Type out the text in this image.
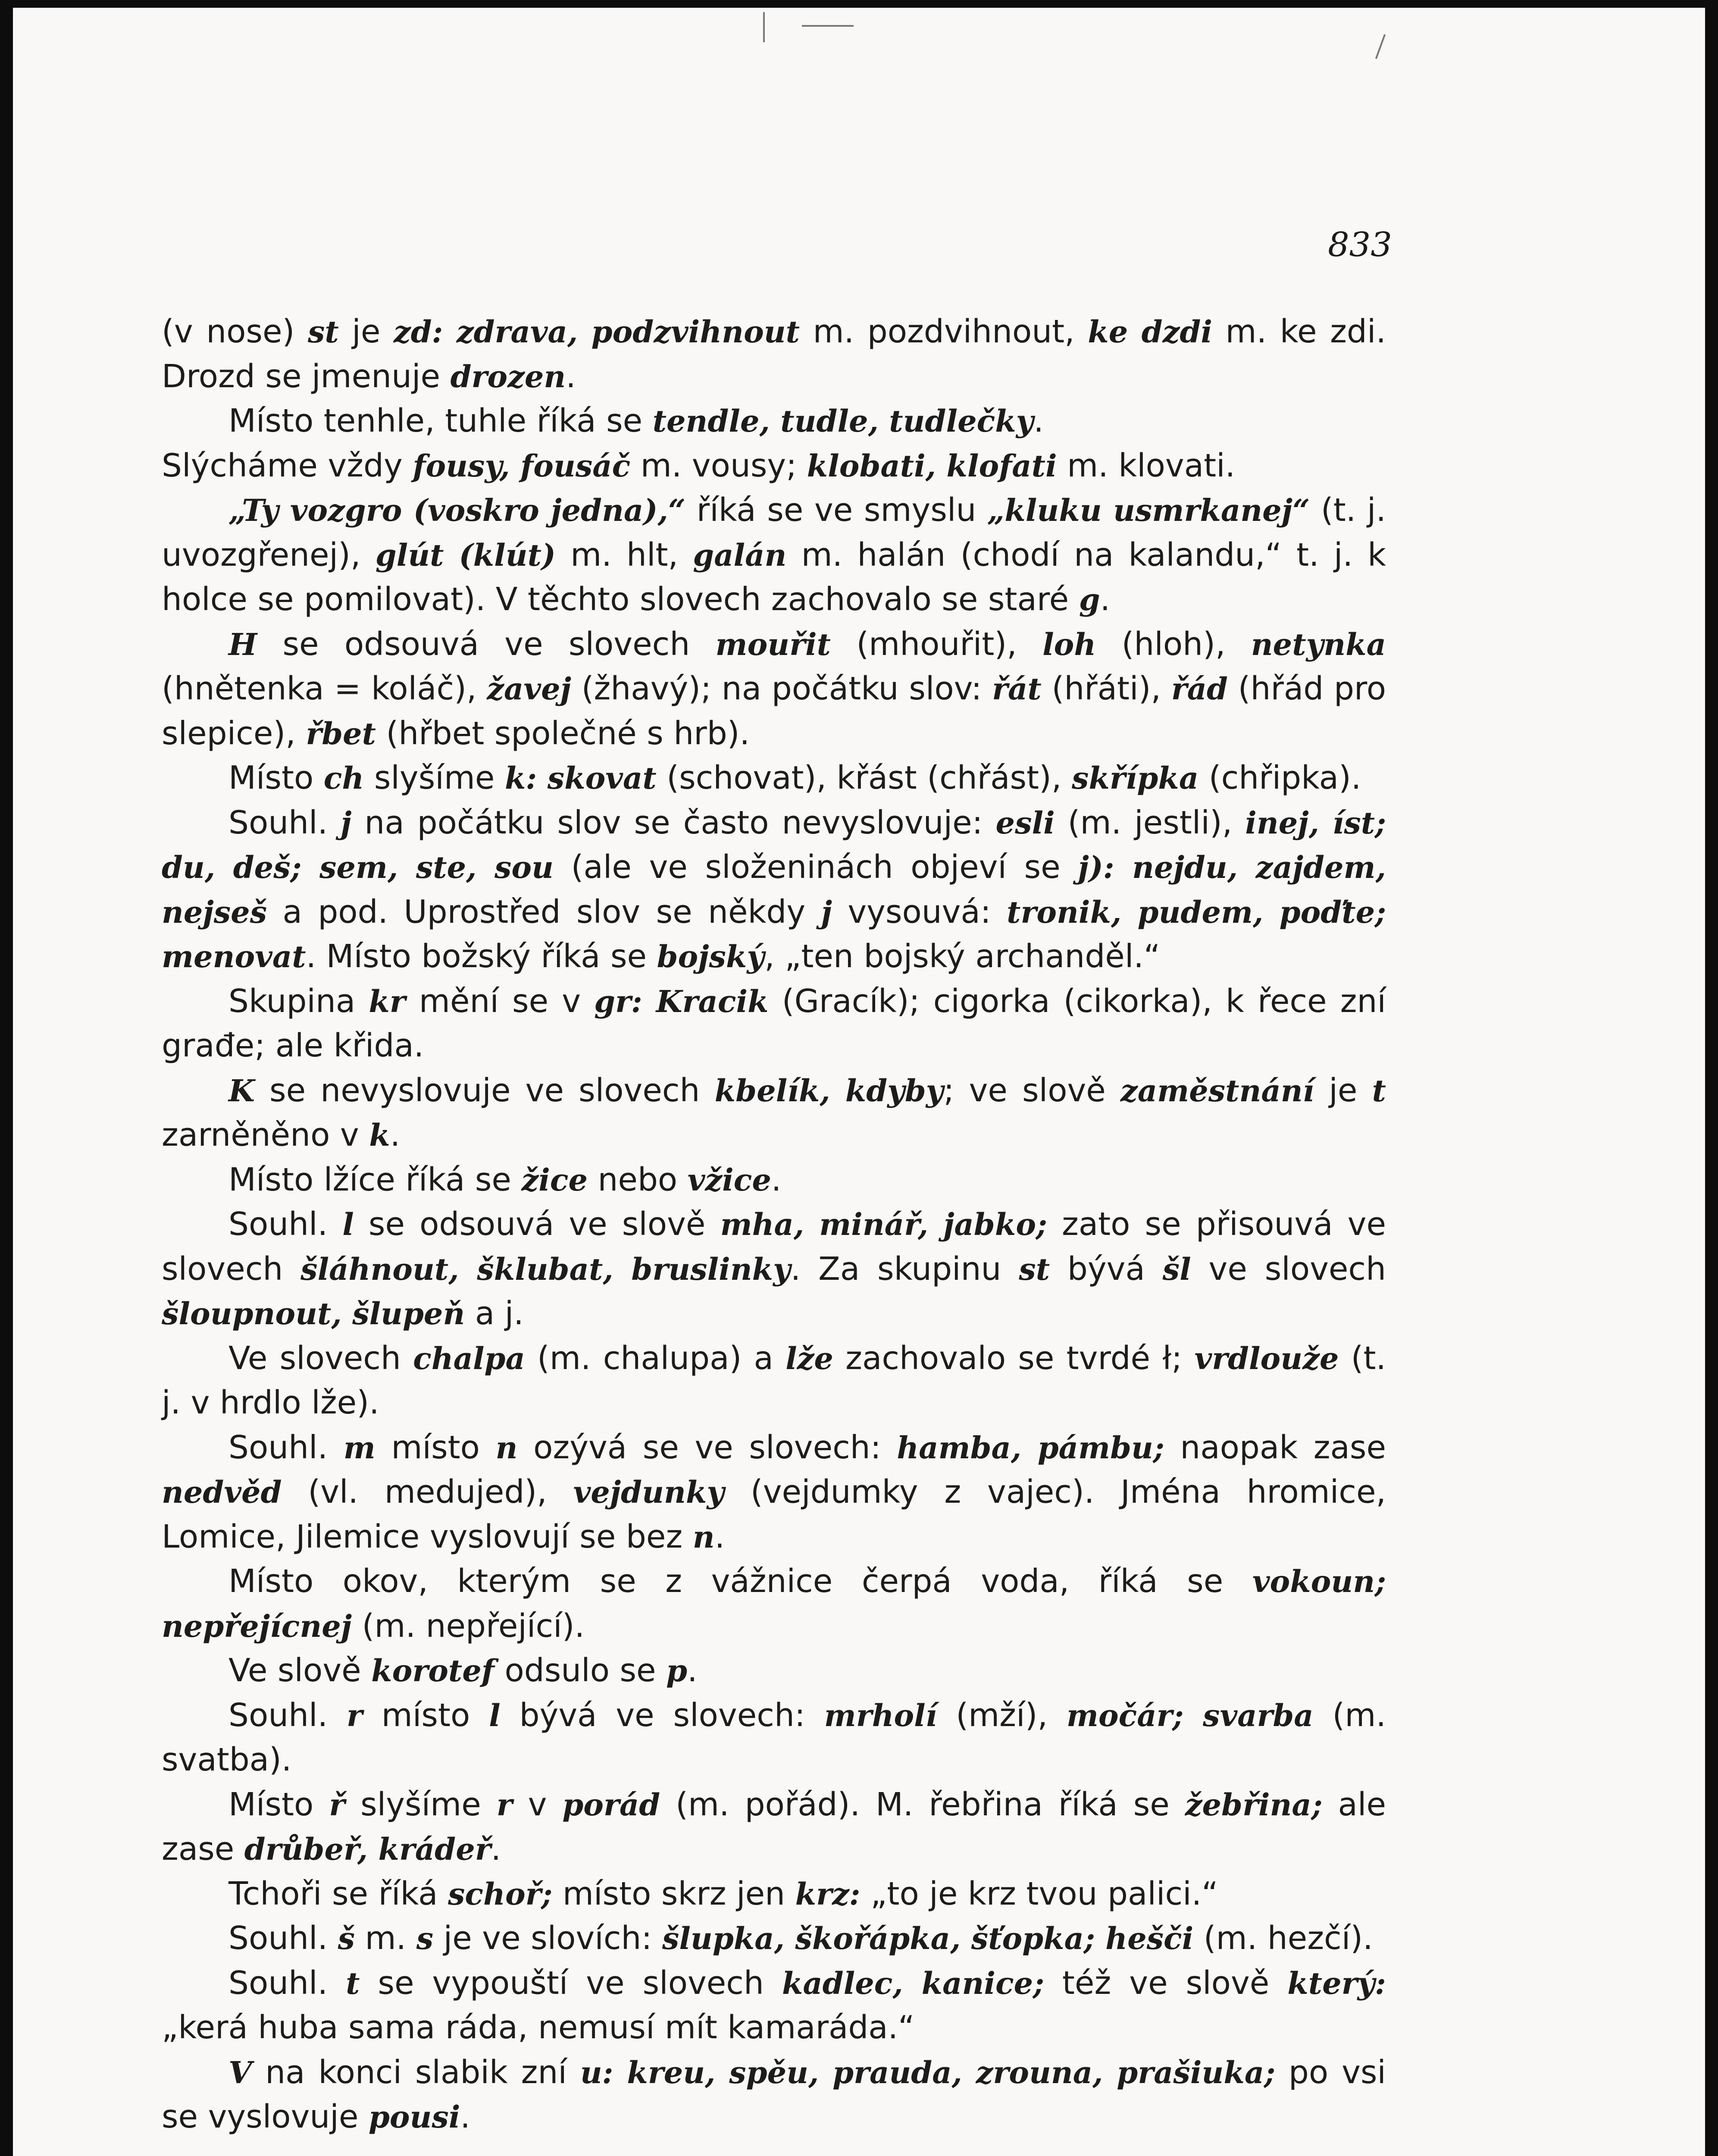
833

(v nose) st je zd: zdrava, podzvihnout m. pozdvihnout, ke dzdi m. ke zdi. Drozd se jmenuje drozen.

Místo tenhle, tuhle říká se tendle, tudle, tudlečky.

Slýcháme vždy fousy, fousáč m. vousy; klobati, klofati m. klovati.

„Ty vozgro (voskro jedna),“ říká se ve smyslu „kluku usmrkanej“ (t. j. uvozgřenej), glút (klút) m. hlt, galán m. halán (chodí na kalandu,“ t. j. k holce se pomilovat). V těchto slovech zachovalo se staré g.

H se odsouvá ve slovech mouřit (mhouřit), loh (hloh), netynka (hnětenka = koláč), žavej (žhavý); na počátku slov: řát (hřáti), řád (hřád pro slepice), řbet (hřbet společné s hrb).

Místo ch slyšíme k: skovat (schovat), křást (chřást), skřípka (chřipka).

Souhl. j na počátku slov se často nevyslovuje: esli (m. jestli), inej, íst; du, deš; sem, ste, sou (ale ve složeninách objeví se j): nejdu, zajdem, nejseš a pod. Uprostřed slov se někdy j vysouvá: tronik, pudem, poďte; menovat. Místo božský říká se bojský, „ten bojský archanděl.“

Skupina kr mění se v gr: Kracik (Gracík); cigorka (cikorka), k řece zní građe; ale křida.

K se nevyslovuje ve slovech kbelík, kdyby; ve slově zaměstnání je t zarněněno v k.

Místo lžíce říká se žice nebo vžice.

Souhl. l se odsouvá ve slově mha, minář, jabko; zato se přisouvá ve slovech šláhnout, šklubat, bruslinky. Za skupinu st bývá šl ve slovech šloupnout, šlupeň a j.

Ve slovech chalpa (m. chalupa) a lže zachovalo se tvrdé ł; vrdlouže (t. j. v hrdlo lže).

Souhl. m místo n ozývá se ve slovech: hamba, pámbu; naopak zase nedvěd (vl. medujed), vejdunky (vejdumky z vajec). Jména hromice, Lomice, Jilemice vyslovují se bez n.

Místo okov, kterým se z vážnice čerpá voda, říká se vokoun; nepřejícnej (m. nepřející).

Ve slově korotef odsulo se p.

Souhl. r místo l bývá ve slovech: mrholí (mží), močár; svarba (m. svatba).

Místo ř slyšíme r v porád (m. pořád). M. řebřina říká se žebřina; ale zase drůbeř, krádeř.

Tchoři se říká schoř; místo skrz jen krz: „to je krz tvou palici.“

Souhl. š m. s je ve slovích: šlupka, škořápka, šťopka; hešči (m. hezčí).

Souhl. t se vypouští ve slovech kadlec, kanice; též ve slově který: „kerá huba sama ráda, nemusí mít kamaráda.“

V na konci slabik zní u: kreu, spěu, prauda, zrouna, prašiuka; po vsi se vyslovuje pousi.
